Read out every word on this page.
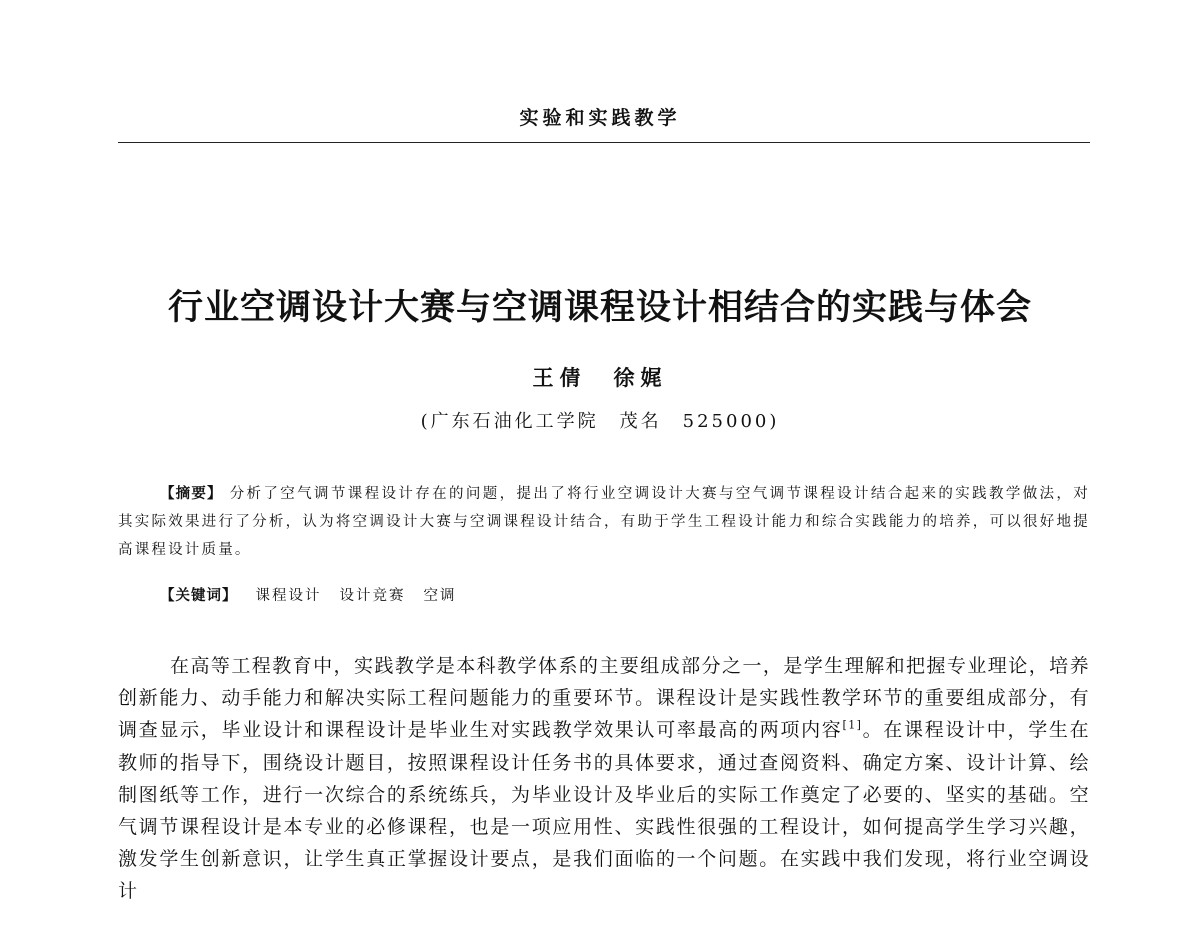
实验和实践教学
行业空调设计大赛与空调课程设计相结合的实践与体会
王倩　徐娓
(广东石油化工学院　茂名　525000)
【摘要】 分析了空气调节课程设计存在的问题，提出了将行业空调设计大赛与空气调节课程设计结合起来的实践教学做法，对其实际效果进行了分析，认为将空调设计大赛与空调课程设计结合，有助于学生工程设计能力和综合实践能力的培养，可以很好地提高课程设计质量。
【关键词】 课程设计 设计竞赛 空调
在高等工程教育中，实践教学是本科教学体系的主要组成部分之一，是学生理解和把握专业理论，培养创新能力、动手能力和解决实际工程问题能力的重要环节。课程设计是实践性教学环节的重要组成部分，有调查显示，毕业设计和课程设计是毕业生对实践教学效果认可率最高的两项内容[1]。在课程设计中，学生在教师的指导下，围绕设计题目，按照课程设计任务书的具体要求，通过查阅资料、确定方案、设计计算、绘制图纸等工作，进行一次综合的系统练兵，为毕业设计及毕业后的实际工作奠定了必要的、坚实的基础。空气调节课程设计是本专业的必修课程，也是一项应用性、实践性很强的工程设计，如何提高学生学习兴趣，激发学生创新意识，让学生真正掌握设计要点，是我们面临的一个问题。在实践中我们发现，将行业空调设计
